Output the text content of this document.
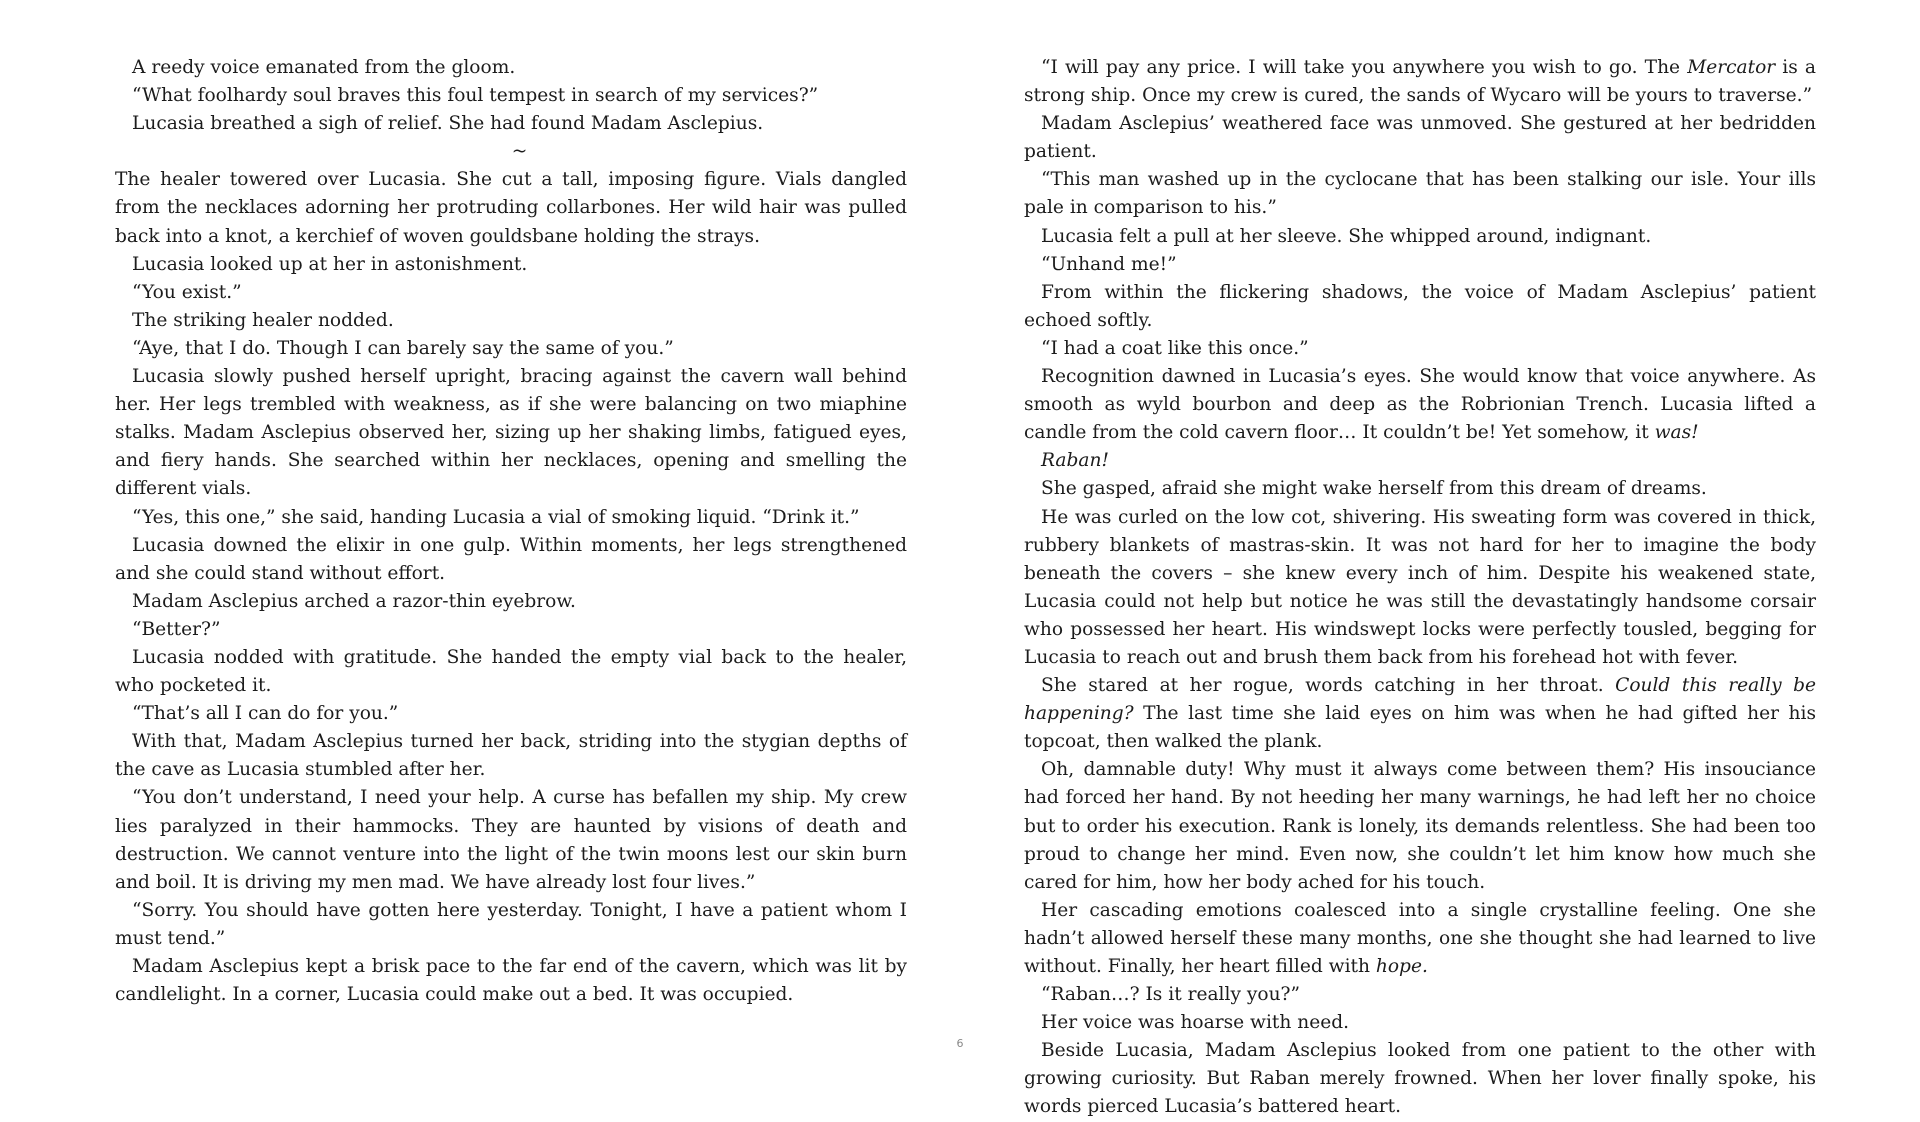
A reedy voice emanated from the gloom.

“What foolhardy soul braves this foul tempest in search of my services?”

Lucasia breathed a sigh of relief. She had found Madam Asclepius.

~

The healer towered over Lucasia. She cut a tall, imposing figure. Vials dangled from the necklaces adorning her protruding collarbones. Her wild hair was pulled back into a knot, a kerchief of woven gouldsbane holding the strays.

Lucasia looked up at her in astonishment.

“You exist.”

The striking healer nodded.

“Aye, that I do. Though I can barely say the same of you.”

Lucasia slowly pushed herself upright, bracing against the cavern wall behind her. Her legs trembled with weakness, as if she were balancing on two miaphine stalks. Madam Asclepius observed her, sizing up her shaking limbs, fatigued eyes, and fiery hands. She searched within her necklaces, opening and smelling the different vials.

“Yes, this one,” she said, handing Lucasia a vial of smoking liquid. “Drink it.”

Lucasia downed the elixir in one gulp. Within moments, her legs strengthened and she could stand without effort.

Madam Asclepius arched a razor-thin eyebrow.

“Better?”

Lucasia nodded with gratitude. She handed the empty vial back to the healer, who pocketed it.

“That’s all I can do for you.”

With that, Madam Asclepius turned her back, striding into the stygian depths of the cave as Lucasia stumbled after her.

“You don’t understand, I need your help. A curse has befallen my ship. My crew lies paralyzed in their hammocks. They are haunted by visions of death and destruction. We cannot venture into the light of the twin moons lest our skin burn and boil. It is driving my men mad. We have already lost four lives.”

“Sorry. You should have gotten here yesterday. Tonight, I have a patient whom I must tend.”

Madam Asclepius kept a brisk pace to the far end of the cavern, which was lit by candlelight. In a corner, Lucasia could make out a bed. It was occupied.

“I will pay any price. I will take you anywhere you wish to go. The Mercator is a strong ship. Once my crew is cured, the sands of Wycaro will be yours to traverse.”

Madam Asclepius’ weathered face was unmoved. She gestured at her bedridden patient.

“This man washed up in the cyclocane that has been stalking our isle. Your ills pale in comparison to his.”

Lucasia felt a pull at her sleeve. She whipped around, indignant.

“Unhand me!”

From within the flickering shadows, the voice of Madam Asclepius’ patient echoed softly.

“I had a coat like this once.”

Recognition dawned in Lucasia’s eyes. She would know that voice anywhere. As smooth as wyld bourbon and deep as the Robrionian Trench. Lucasia lifted a candle from the cold cavern floor… It couldn’t be! Yet somehow, it was!

Raban!

She gasped, afraid she might wake herself from this dream of dreams.

He was curled on the low cot, shivering. His sweating form was covered in thick, rubbery blankets of mastras-skin. It was not hard for her to imagine the body beneath the covers – she knew every inch of him. Despite his weakened state, Lucasia could not help but notice he was still the devastatingly handsome corsair who possessed her heart. His windswept locks were perfectly tousled, begging for Lucasia to reach out and brush them back from his forehead hot with fever.

She stared at her rogue, words catching in her throat. Could this really be happening? The last time she laid eyes on him was when he had gifted her his topcoat, then walked the plank.

Oh, damnable duty! Why must it always come between them? His insouciance had forced her hand. By not heeding her many warnings, he had left her no choice but to order his execution. Rank is lonely, its demands relentless. She had been too proud to change her mind. Even now, she couldn’t let him know how much she cared for him, how her body ached for his touch.

Her cascading emotions coalesced into a single crystalline feeling. One she hadn’t allowed herself these many months, one she thought she had learned to live without. Finally, her heart filled with hope.

“Raban…? Is it really you?”

Her voice was hoarse with need.

Beside Lucasia, Madam Asclepius looked from one patient to the other with growing curiosity. But Raban merely frowned. When her lover finally spoke, his words pierced Lucasia’s battered heart.

6
